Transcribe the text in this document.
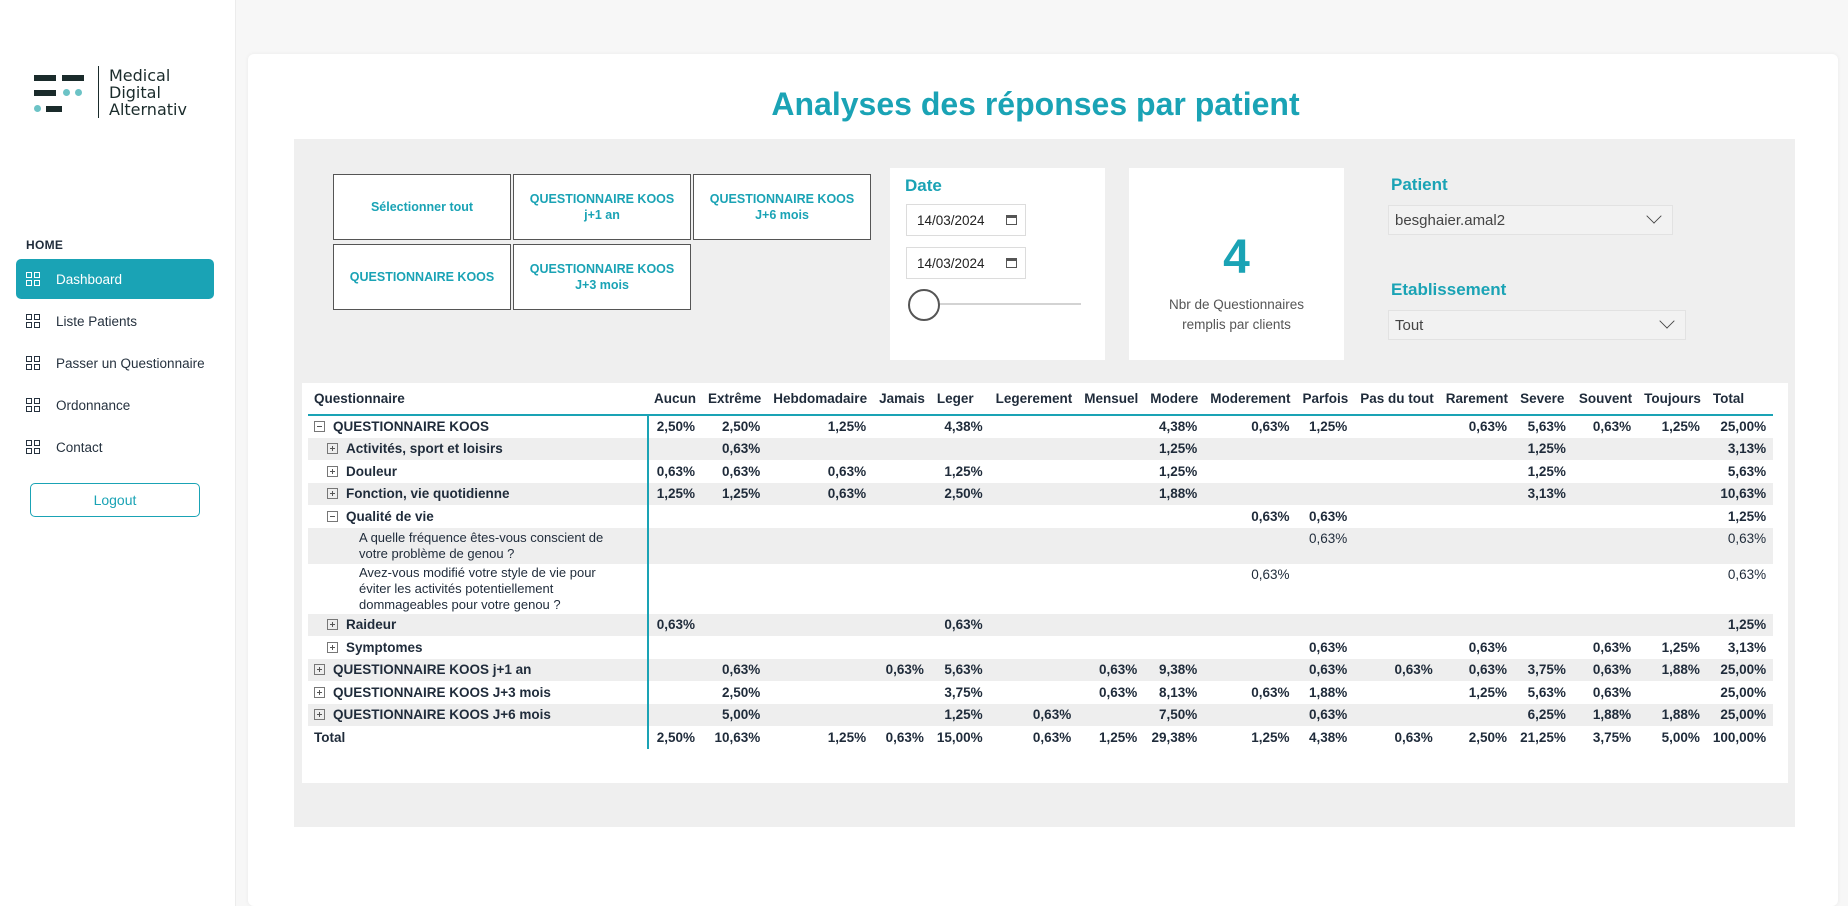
Medical
Digital
Alternativ
HOME
Dashboard
Liste Patients
Passer un Questionnaire
Ordonnance
Contact
Logout
Analyses des réponses par patient
Sélectionner tout
QUESTIONNAIRE KOOS j+1 an
QUESTIONNAIRE KOOS J+6 mois
QUESTIONNAIRE KOOS
QUESTIONNAIRE KOOS J+3 mois
Date
14/03/2024
14/03/2024	4
Nbr de Questionnaires remplis par clients
Patient
besghaier.amal2
Etablissement
Tout
Questionnaire	Aucun	Extrême	Hebdomadaire	Jamais	Leger	Legerement	Mensuel	Modere	Moderement	Parfois	Pas du tout	Rarement	Severe	Souvent	Toujours	Total
QUESTIONNAIRE KOOS	2,50%	2,50%	1,25%		4,38%			4,38%	0,63%	1,25%		0,63%	5,63%	0,63%	1,25%	25,00%
Activités, sport et loisirs		0,63%						1,25%					1,25%			3,13%
Douleur	0,63%	0,63%	0,63%		1,25%			1,25%					1,25%			5,63%
Fonction, vie quotidienne	1,25%	1,25%	0,63%		2,50%			1,88%					3,13%			10,63%
Qualité de vie									0,63%	0,63%						1,25%
A quelle fréquence êtes-vous conscient de votre problème de genou ?										0,63%						0,63%
Avez-vous modifié votre style de vie pour éviter les activités potentiellement dommageables pour votre genou ?									0,63%							0,63%
Raideur	0,63%				0,63%											1,25%
Symptomes										0,63%		0,63%		0,63%	1,25%	3,13%
QUESTIONNAIRE KOOS j+1 an		0,63%		0,63%	5,63%		0,63%	9,38%		0,63%	0,63%	0,63%	3,75%	0,63%	1,88%	25,00%
QUESTIONNAIRE KOOS J+3 mois		2,50%			3,75%		0,63%	8,13%	0,63%	1,88%		1,25%	5,63%	0,63%		25,00%
QUESTIONNAIRE KOOS J+6 mois		5,00%			1,25%	0,63%		7,50%		0,63%			6,25%	1,88%	1,88%	25,00%
Total	2,50%	10,63%	1,25%	0,63%	15,00%	0,63%	1,25%	29,38%	1,25%	4,38%	0,63%	2,50%	21,25%	3,75%	5,00%	100,00%
